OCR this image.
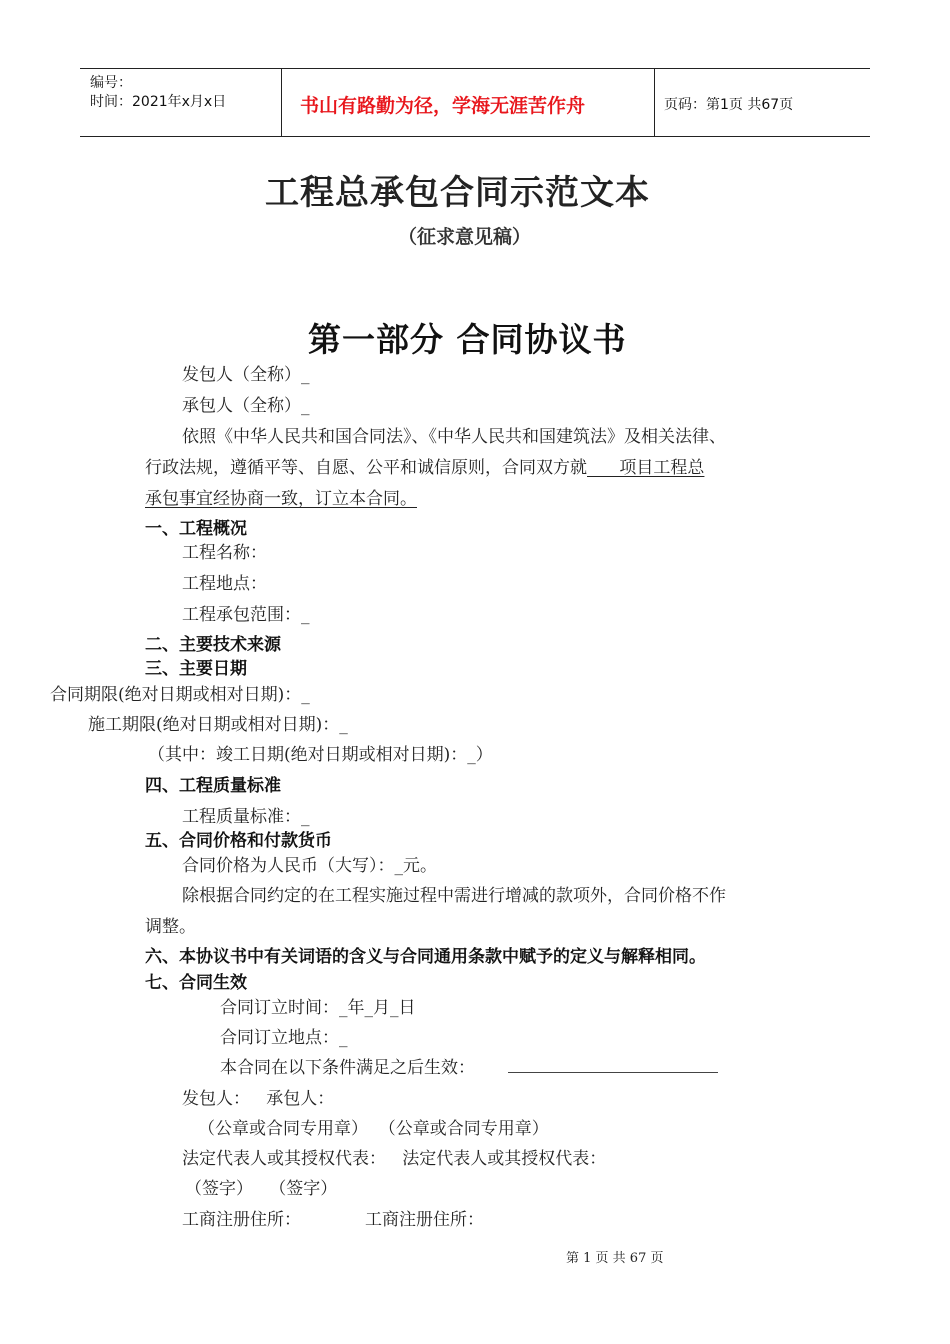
编号：
时间：2021年x月x日	书山有路勤为径，学海无涯苦作舟	页码：第1页 共67页
工程总承包合同示范文本
（征求意见稿）
第一部分 合同协议书
发包人（全称）_
承包人（全称）_
依照《中华人民共和国合同法》、《中华人民共和国建筑法》及相关法律、
行政法规，遵循平等、自愿、公平和诚信原则，合同双方就      项目工程总
承包事宜经协商一致，订立本合同。
一、工程概况
工程名称：
工程地点：
工程承包范围：_
二、主要技术来源
三、主要日期
合同期限(绝对日期或相对日期)：_
施工期限(绝对日期或相对日期)：_
（其中：竣工日期(绝对日期或相对日期)：_）
四、工程质量标准
工程质量标准：_
五、合同价格和付款货币
合同价格为人民币（大写）：_元。
除根据合同约定的在工程实施过程中需进行增减的款项外，合同价格不作
调整。
六、本协议书中有关词语的含义与合同通用条款中赋予的定义与解释相同。
七、合同生效
合同订立时间：_年_月_日
合同订立地点：_
本合同在以下条件满足之后生效：
发包人：   承包人：
（公章或合同专用章）  （公章或合同专用章）
法定代表人或其授权代表：   法定代表人或其授权代表：
（签字）   （签字）
工商注册住所：	工商注册住所：
第 1 页 共 67 页
